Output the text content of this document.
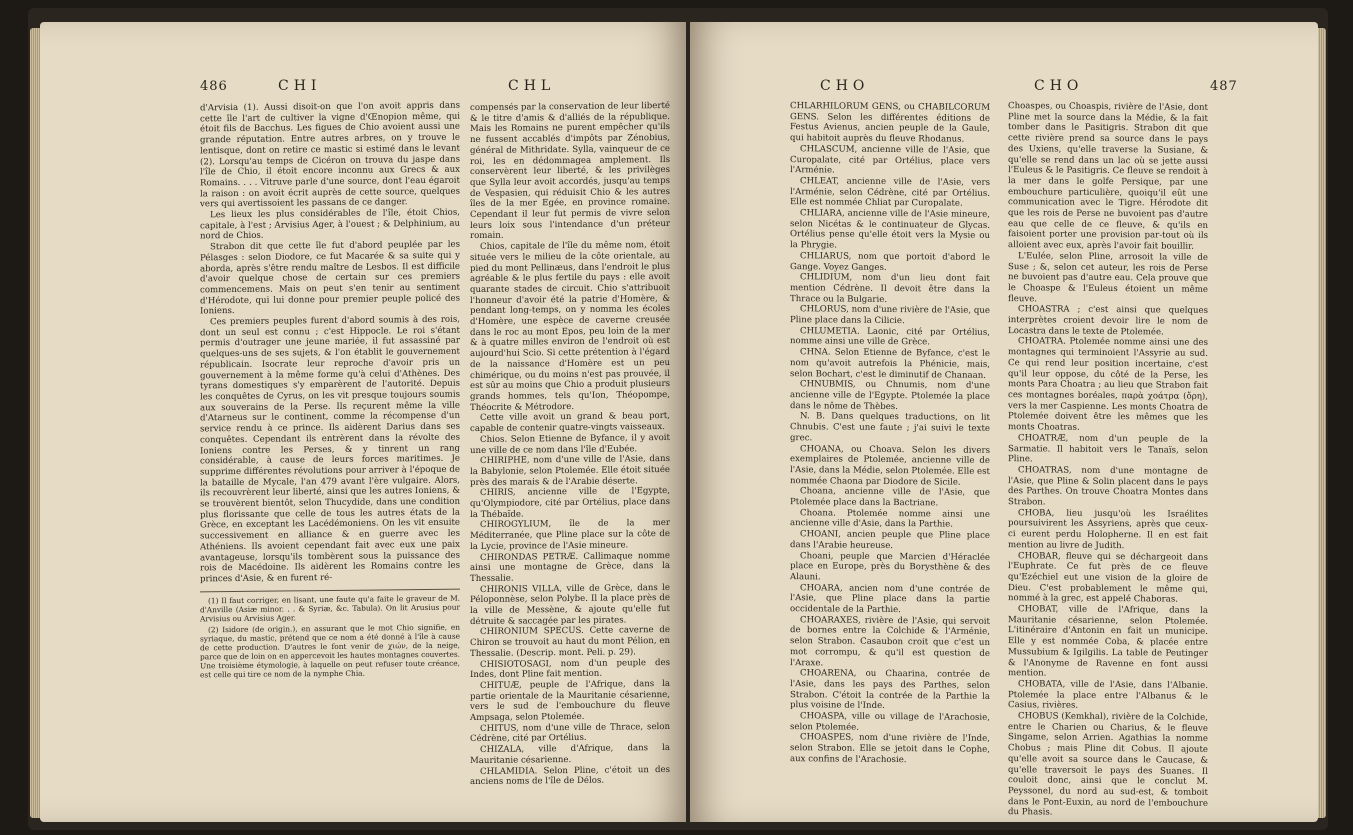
486	CHI	CHL

d'Arvisia (1). Aussi disoit-on que l'on avoit appris dans cette île l'art de cultiver la vigne d'Œnopion même, qui étoit fils de Bacchus. Les figues de Chio avoient aussi une grande réputation. Entre autres arbres, on y trouve le lentisque, dont on retire ce mastic si estimé dans le levant (2). Lorsqu'au temps de Cicéron on trouva du jaspe dans l'île de Chio, il étoit encore inconnu aux Grecs & aux Romains. . . . Vitruve parle d'une source, dont l'eau égaroit la raison : on avoit écrit auprès de cette source, quelques vers qui avertissoient les passans de ce danger.

Les lieux les plus considérables de l'île, étoit Chios, capitale, à l'est ; Arvisius Ager, à l'ouest ; & Delphinium, au nord de Chios.

Strabon dit que cette île fut d'abord peuplée par les Pélasges : selon Diodore, ce fut Macarée & sa suite qui y aborda, après s'être rendu maître de Lesbos. Il est difficile d'avoir quelque chose de certain sur ces premiers commencemens. Mais on peut s'en tenir au sentiment d'Hérodote, qui lui donne pour premier peuple policé des Ioniens.

Ces premiers peuples furent d'abord soumis à des rois, dont un seul est connu ; c'est Hippocle. Le roi s'étant permis d'outrager une jeune mariée, il fut assassiné par quelques-uns de ses sujets, & l'on établit le gouvernement républicain. Isocrate leur reproche d'avoir pris un gouvernement à la même forme qu'à celui d'Athènes. Des tyrans domestiques s'y emparèrent de l'autorité. Depuis les conquêtes de Cyrus, on les vit presque toujours soumis aux souverains de la Perse. Ils reçurent même la ville d'Atarneus sur le continent, comme la récompense d'un service rendu à ce prince. Ils aidèrent Darius dans ses conquêtes. Cependant ils entrèrent dans la révolte des Ioniens contre les Perses, & y tinrent un rang considérable, à cause de leurs forces maritimes. Je supprime différentes révolutions pour arriver à l'époque de la bataille de Mycale, l'an 479 avant l'ère vulgaire. Alors, ils recouvrèrent leur liberté, ainsi que les autres Ioniens, & se trouvèrent bientôt, selon Thucydide, dans une condition plus florissante que celle de tous les autres états de la Grèce, en exceptant les Lacédémoniens. On les vit ensuite successivement en alliance & en guerre avec les Athéniens. Ils avoient cependant fait avec eux une paix avantageuse, lorsqu'ils tombèrent sous la puissance des rois de Macédoine. Ils aidèrent les Romains contre les princes d'Asie, & en furent ré-

(1) Il faut corriger, en lisant, une faute qu'a faite le graveur de M. d'Anville (Asiæ minor. . . & Syriæ, &c. Tabula). On lit Arusius pour Arvisius ou Arvisius Ager.

(2) Isidore (de origin.), en assurant que le mot Chio signifie, en syriaque, du mastic, prétend que ce nom a été donné à l'île à cause de cette production. D'autres le font venir de χιών, de la neige, parce que de loin on en appercevoit les hautes montagnes couvertes. Une troisième étymologie, à laquelle on peut refuser toute créance, est celle qui tire ce nom de la nymphe Chia.

compensés par la conservation de leur liberté & le titre d'amis & d'alliés de la république. Mais les Romains ne purent empêcher qu'ils ne fussent accablés d'impôts par Zénobius, général de Mithridate. Sylla, vainqueur de ce roi, les en dédommagea amplement. Ils conservèrent leur liberté, & les privilèges que Sylla leur avoit accordés, jusqu'au temps de Vespasien, qui réduisit Chio & les autres îles de la mer Egée, en province romaine. Cependant il leur fut permis de vivre selon leurs loix sous l'intendance d'un préteur romain.

Chios, capitale de l'île du même nom, étoit située vers le milieu de la côte orientale, au pied du mont Pellinæus, dans l'endroit le plus agréable & le plus fertile du pays : elle avoit quarante stades de circuit. Chio s'attribuoit l'honneur d'avoir été la patrie d'Homère, & pendant long-temps, on y nomma les écoles d'Homère, une espèce de caverne creusée dans le roc au mont Epos, peu loin de la mer & à quatre milles environ de l'endroit où est aujourd'hui Scio. Si cette prétention à l'égard de la naissance d'Homère est un peu chimérique, ou du moins n'est pas prouvée, il est sûr au moins que Chio a produit plusieurs grands hommes, tels qu'Ion, Théopompe, Théocrite & Métrodore.

Cette ville avoit un grand & beau port, capable de contenir quatre-vingts vaisseaux.

Chios. Selon Etienne de Byfance, il y avoit une ville de ce nom dans l'île d'Eubée.

CHIRIPHE, nom d'une ville de l'Asie, dans la Babylonie, selon Ptolemée. Elle étoit située près des marais & de l'Arabie déserte.

CHIRIS, ancienne ville de l'Egypte, qu'Olympiodore, cité par Ortélius, place dans la Thébaïde.

CHIROGYLIUM, île de la mer Méditerranée, que Pline place sur la côte de la Lycie, province de l'Asie mineure.

CHIRONDAS PETRÆ. Callimaque nomme ainsi une montagne de Grèce, dans la Thessalie.

CHIRONIS VILLA, ville de Grèce, dans le Péloponnèse, selon Polybe. Il la place près de la ville de Messène, & ajoute qu'elle fut détruite & saccagée par les pirates.

CHIRONIUM SPECUS. Cette caverne de Chiron se trouvoit au haut du mont Pélion, en Thessalie. (Descrip. mont. Peli. p. 29).

CHISIOTOSAGI, nom d'un peuple des Indes, dont Pline fait mention.

CHITUÆ, peuple de l'Afrique, dans la partie orientale de la Mauritanie césarienne, vers le sud de l'embouchure du fleuve Ampsaga, selon Ptolemée.

CHITUS, nom d'une ville de Thrace, selon Cédrène, cité par Ortélius.

CHIZALA, ville d'Afrique, dans la Mauritanie césarienne.

CHLAMIDIA. Selon Pline, c'étoit un des anciens noms de l'île de Délos.

CHO	CHO	487

CHLARHILORUM GENS, ou CHABILCORUM GENS. Selon les différentes éditions de Festus Avienus, ancien peuple de la Gaule, qui habitoit auprès du fleuve Rhodanus.

CHLASCUM, ancienne ville de l'Asie, que Curopalate, cité par Ortélius, place vers l'Arménie.

CHLEAT, ancienne ville de l'Asie, vers l'Arménie, selon Cédrène, cité par Ortélius. Elle est nommée Chliat par Curopalate.

CHLIARA, ancienne ville de l'Asie mineure, selon Nicétas & le continuateur de Glycas. Ortélius pense qu'elle étoit vers la Mysie ou la Phrygie.

CHLIARUS, nom que portoit d'abord le Gange. Voyez Ganges.

CHLIDIUM, nom d'un lieu dont fait mention Cédrène. Il devoit être dans la Thrace ou la Bulgarie.

CHLORUS, nom d'une rivière de l'Asie, que Pline place dans la Cilicie.

CHLUMETIA. Laonic, cité par Ortélius, nomme ainsi une ville de Grèce.

CHNA. Selon Etienne de Byfance, c'est le nom qu'avoit autrefois la Phénicie, mais, selon Bochart, c'est le diminutif de Chanaan.

CHNUBMIS, ou Chnumis, nom d'une ancienne ville de l'Egypte. Ptolemée la place dans le nôme de Thèbes.

N. B. Dans quelques traductions, on lit Chnubis. C'est une faute ; j'ai suivi le texte grec.

CHOANA, ou Choava. Selon les divers exemplaires de Ptolemée, ancienne ville de l'Asie, dans la Médie, selon Ptolemée. Elle est nommée Chaona par Diodore de Sicile.

Choana, ancienne ville de l'Asie, que Ptolemée place dans la Bactriane.

Choana. Ptolemée nomme ainsi une ancienne ville d'Asie, dans la Parthie.

CHOANI, ancien peuple que Pline place dans l'Arabie heureuse.

Choani, peuple que Marcien d'Héraclée place en Europe, près du Borysthène & des Alauni.

CHOARA, ancien nom d'une contrée de l'Asie, que Pline place dans la partie occidentale de la Parthie.

CHOARAXES, rivière de l'Asie, qui servoit de bornes entre la Colchide & l'Arménie, selon Strabon. Casaubon croit que c'est un mot corrompu, & qu'il est question de l'Araxe.

CHOARENA, ou Chaarina, contrée de l'Asie, dans les pays des Parthes, selon Strabon. C'étoit la contrée de la Parthie la plus voisine de l'Inde.

CHOASPA, ville ou village de l'Arachosie, selon Ptolemée.

CHOASPES, nom d'une rivière de l'Inde, selon Strabon. Elle se jetoit dans le Cophe, aux confins de l'Arachosie.

Choaspes, ou Choaspis, rivière de l'Asie, dont Pline met la source dans la Médie, & la fait tomber dans le Pasitigris. Strabon dit que cette rivière prend sa source dans le pays des Uxiens, qu'elle traverse la Susiane, & qu'elle se rend dans un lac où se jette aussi l'Euleus & le Pasitigris. Ce fleuve se rendoit à la mer dans le golfe Persique, par une embouchure particulière, quoiqu'il eût une communication avec le Tigre. Hérodote dit que les rois de Perse ne buvoient pas d'autre eau que celle de ce fleuve, & qu'ils en faisoient porter une provision par-tout où ils alloient avec eux, après l'avoir fait bouillir.

L'Eulée, selon Pline, arrosoit la ville de Suse ; &, selon cet auteur, les rois de Perse ne buvoient pas d'autre eau. Cela prouve que le Choaspe & l'Euleus étoient un même fleuve.

CHOASTRA ; c'est ainsi que quelques interprètes croient devoir lire le nom de Locastra dans le texte de Ptolemée.

CHOATRA. Ptolemée nomme ainsi une des montagnes qui terminoient l'Assyrie au sud. Ce qui rend leur position incertaine, c'est qu'il leur oppose, du côté de la Perse, les monts Para Choatra ; au lieu que Strabon fait ces montagnes boréales, παρὰ χοάτρα (ὄρη), vers la mer Caspienne. Les monts Choatra de Ptolemée doivent être les mêmes que les monts Choatras.

CHOATRÆ, nom d'un peuple de la Sarmatie. Il habitoit vers le Tanaïs, selon Pline.

CHOATRAS, nom d'une montagne de l'Asie, que Pline & Solin placent dans le pays des Parthes. On trouve Choatra Montes dans Strabon.

CHOBA, lieu jusqu'où les Israélites poursuivirent les Assyriens, après que ceux-ci eurent perdu Holopherne. Il en est fait mention au livre de Judith.

CHOBAR, fleuve qui se déchargeoit dans l'Euphrate. Ce fut près de ce fleuve qu'Ezéchiel eut une vision de la gloire de Dieu. C'est probablement le même qui, nommé à la grec, est appelé Chaboras.

CHOBAT, ville de l'Afrique, dans la Mauritanie césarienne, selon Ptolemée. L'itinéraire d'Antonin en fait un municipe. Elle y est nommée Coba, & placée entre Mussubium & Igilgilis. La table de Peutinger & l'Anonyme de Ravenne en font aussi mention.

CHOBATA, ville de l'Asie, dans l'Albanie. Ptolemée la place entre l'Albanus & le Casius, rivières.

CHOBUS (Kemkhal), rivière de la Colchide, entre le Charien ou Charius, & le fleuve Singame, selon Arrien. Agathias la nomme Chobus ; mais Pline dit Cobus. Il ajoute qu'elle avoit sa source dans le Caucase, & qu'elle traversoit le pays des Suanes. Il couloit donc, ainsi que le conclut M. Peyssonel, du nord au sud-est, & tomboit dans le Pont-Euxin, au nord de l'embouchure du Phasis.
